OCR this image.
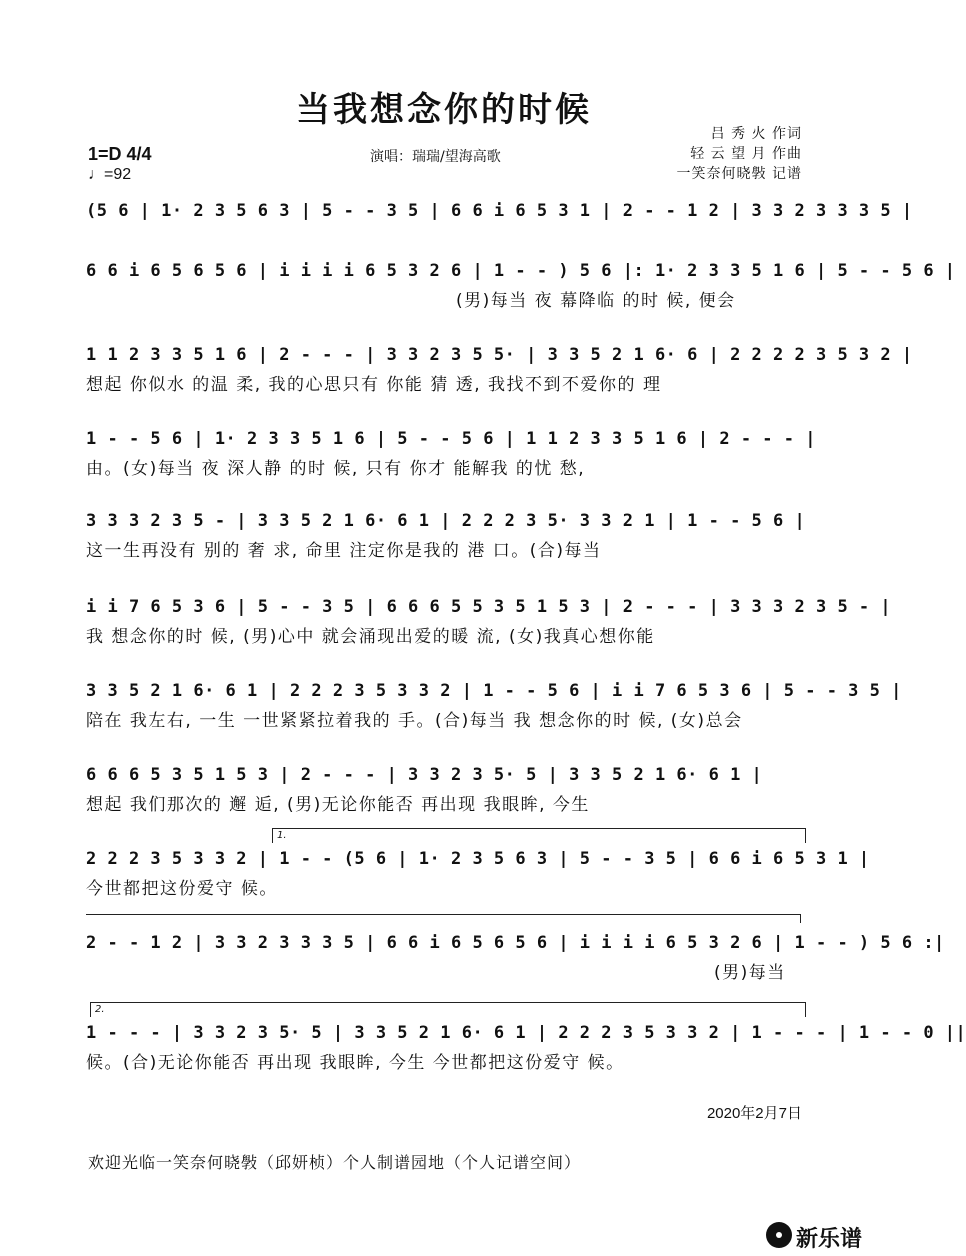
当我想念你的时候
1=D 4/4
♩=92
演唱：瑞瑞/望海高歌
吕 秀 火 作词
轻 云 望 月 作曲
一笑奈何晓斅 记谱
(5 6 | 1· 2 3 5 6 3 | 5 - - 3 5 | 6 6 i 6 5 3 1 | 2 - - 1 2 | 3 3 2 3 3 3 5 |
6 6 i 6 5 6 5 6 | i i i i 6 5 3 2 6 | 1 - - ) 5 6 |: 1· 2 3 3 5 1 6 | 5 - - 5 6 |
(男)每当 夜 幕降临 的时 候, 便会
1 1 2 3 3 5 1 6 | 2 - - - | 3 3 2 3 5 5· | 3 3 5 2 1 6· 6 | 2 2 2 2 3 5 3 2 |
想起 你似水 的温 柔, 我的心思只有 你能 猜 透, 我找不到不爱你的 理
1 - - 5 6 | 1· 2 3 3 5 1 6 | 5 - - 5 6 | 1 1 2 3 3 5 1 6 | 2 - - - |
由。(女)每当 夜 深人静 的时 候, 只有 你才 能解我 的忧 愁,
3 3 3 2 3 5 - | 3 3 5 2 1 6· 6 1 | 2 2 2 3 5· 3 3 2 1 | 1 - - 5 6 |
这一生再没有 别的 奢 求, 命里 注定你是我的 港 口。(合)每当
i i 7 6 5 3 6 | 5 - - 3 5 | 6 6 6 5 5 3 5 1 5 3 | 2 - - - | 3 3 3 2 3 5 - |
我 想念你的时 候, (男)心中 就会涌现出爱的暖 流, (女)我真心想你能
3 3 5 2 1 6· 6 1 | 2 2 2 3 5 3 3 2 | 1 - - 5 6 | i i 7 6 5 3 6 | 5 - - 3 5 |
陪在 我左右, 一生 一世紧紧拉着我的 手。(合)每当 我 想念你的时 候, (女)总会
6 6 6 5 3 5 1 5 3 | 2 - - - | 3 3 2 3 5· 5 | 3 3 5 2 1 6· 6 1 |
想起 我们那次的 邂 逅, (男)无论你能否 再出现 我眼眸, 今生
1.
2 2 2 3 5 3 3 2 | 1 - - (5 6 | 1· 2 3 5 6 3 | 5 - - 3 5 | 6 6 i 6 5 3 1 |
今世都把这份爱守 候。
2 - - 1 2 | 3 3 2 3 3 3 5 | 6 6 i 6 5 6 5 6 | i i i i 6 5 3 2 6 | 1 - - ) 5 6 :|
(男)每当
2.
1 - - - | 3 3 2 3 5· 5 | 3 3 5 2 1 6· 6 1 | 2 2 2 3 5 3 3 2 | 1 - - - | 1 - - 0 ||
候。(合)无论你能否 再出现 我眼眸, 今生 今世都把这份爱守 候。
2020年2月7日
欢迎光临一笑奈何晓斅（邱妍桢）个人制谱园地（个人记谱空间）
新乐谱
